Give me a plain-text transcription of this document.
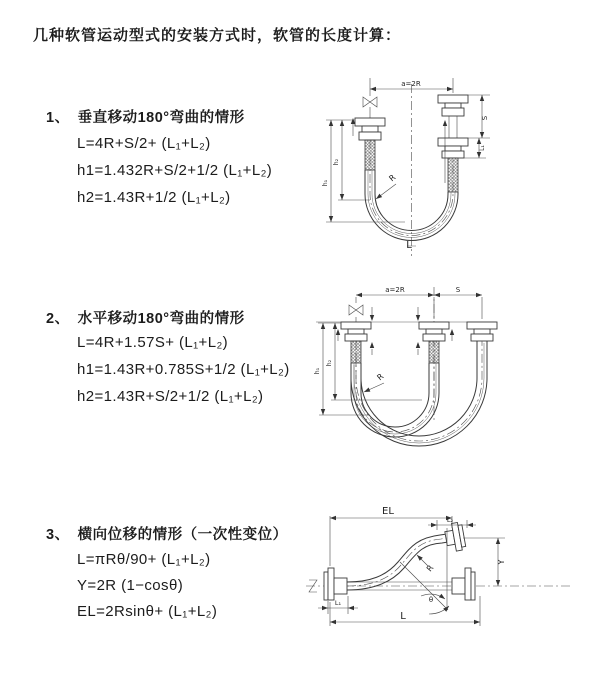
几种软管运动型式的安装方式时，软管的长度计算：
1、 垂直移动180°弯曲的情形
L=4R+S/2+ (L₁+L₂)
h1=1.432R+S/2+1/2 (L₁+L₂)
h2=1.43R+1/2 (L₁+L₂)
2、 水平移动180°弯曲的情形
L=4R+1.57S+ (L₁+L₂)
h1=1.43R+0.785S+1/2 (L₁+L₂)
h2=1.43R+S/2+1/2 (L₁+L₂)
3、 横向位移的情形（一次性变位）
L=πRθ/90+ (L₁+L₂)
Y=2R (1−cosθ)
EL=2Rsinθ+ (L₁+L₂)
a=2R
S
L₁
h₁
h₂
R
L
a=2R	S
h₁
h₂
R
θ
R
EL
L₂
Y
L
L₁
